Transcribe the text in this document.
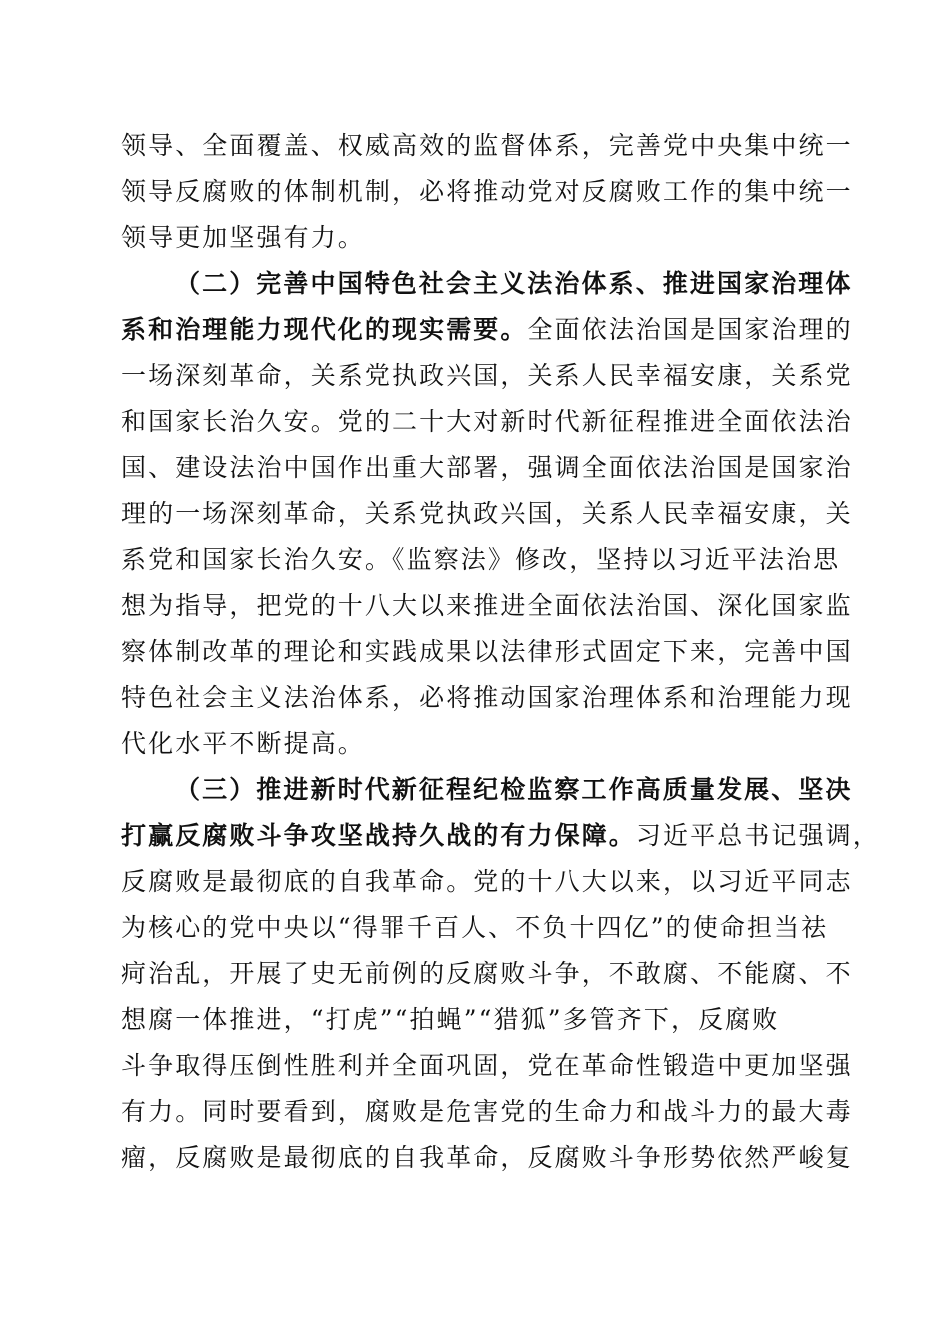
领导、全面覆盖、权威高效的监督体系，完善党中央集中统一
领导反腐败的体制机制，必将推动党对反腐败工作的集中统一
领导更加坚强有力。

（二）完善中国特色社会主义法治体系、推进国家治理体
系和治理能力现代化的现实需要。全面依法治国是国家治理的
一场深刻革命，关系党执政兴国，关系人民幸福安康，关系党
和国家长治久安。党的二十大对新时代新征程推进全面依法治
国、建设法治中国作出重大部署，强调全面依法治国是国家治
理的一场深刻革命，关系党执政兴国，关系人民幸福安康，关
系党和国家长治久安。《监察法》修改，坚持以习近平法治思
想为指导，把党的十八大以来推进全面依法治国、深化国家监
察体制改革的理论和实践成果以法律形式固定下来，完善中国
特色社会主义法治体系，必将推动国家治理体系和治理能力现
代化水平不断提高。

（三）推进新时代新征程纪检监察工作高质量发展、坚决
打赢反腐败斗争攻坚战持久战的有力保障。习近平总书记强调，
反腐败是最彻底的自我革命。党的十八大以来，以习近平同志
为核心的党中央以“得罪千百人、不负十四亿”的使命担当祛
疴治乱，开展了史无前例的反腐败斗争，不敢腐、不能腐、不
想腐一体推进，“打虎”“拍蝇”“猎狐”多管齐下，反腐败
斗争取得压倒性胜利并全面巩固，党在革命性锻造中更加坚强
有力。同时要看到，腐败是危害党的生命力和战斗力的最大毒
瘤，反腐败是最彻底的自我革命，反腐败斗争形势依然严峻复
